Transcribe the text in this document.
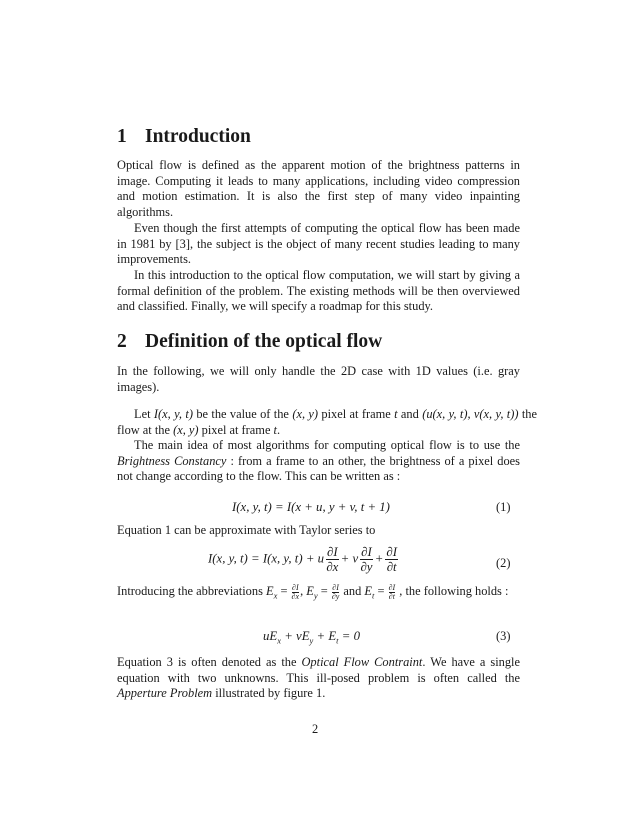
1 Introduction

Optical flow is defined as the apparent motion of the brightness patterns in image. Computing it leads to many applications, including video compression and motion estimation. It is also the first step of many video inpainting algorithms.

Even though the first attempts of computing the optical flow has been made in 1981 by [3], the subject is the object of many recent studies leading to many improvements.

In this introduction to the optical flow computation, we will start by giving a formal definition of the problem. The existing methods will be then overviewed and classified. Finally, we will specify a roadmap for this study.

2 Definition of the optical flow

In the following, we will only handle the 2D case with 1D values (i.e. gray images).

Let I(x, y, t) be the value of the (x, y) pixel at frame t and (u(x, y, t), v(x, y, t)) the flow at the (x, y) pixel at frame t.

The main idea of most algorithms for computing optical flow is to use the Brightness Constancy : from a frame to an other, the brightness of a pixel does not change according to the flow. This can be written as :

I(x, y, t) = I(x + u, y + v, t + 1)	(1)

Equation 1 can be approximate with Taylor series to

I(x, y, t) = I(x, y, t) + u $\frac{\partial I}{\partial x} + v \frac{\partial I}{\partial y} + \frac{\partial I}{\partial t}$	(2)

Introducing the abbreviations $E_x = \frac{\partial I}{\partial x}$ , $E_y = \frac{\partial I}{\partial y}$ and $E_t = \frac{\partial I}{\partial t}$ , the following holds :

$uE_x + vE_y + E_t = 0$	(3)

Equation 3 is often denoted as the Optical Flow Contraint. We have a single equation with two unknowns. This ill-posed problem is often called the Apperture Problem illustrated by figure 1.

2
